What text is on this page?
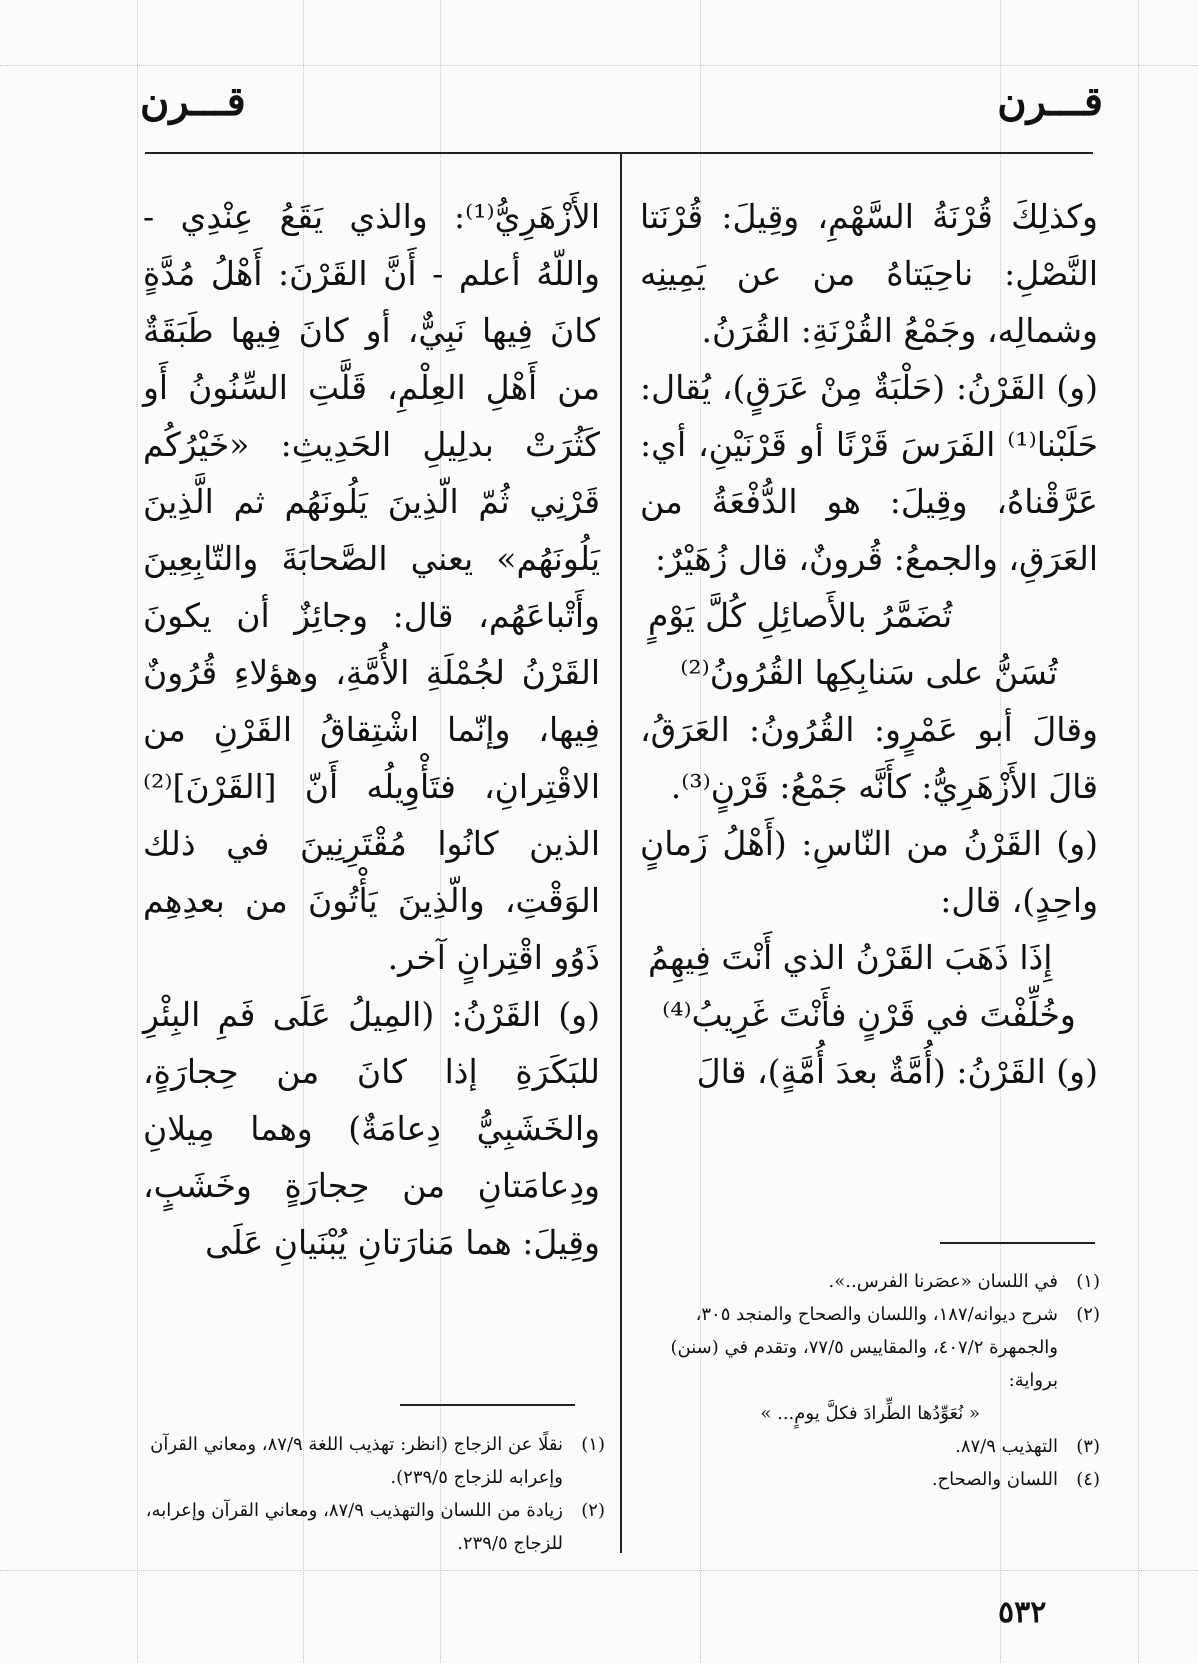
قـــرن
قـــرن

وكذلِكَ قُرْنَةُ السَّهْمِ، وقِيلَ: قُرْنَتا النَّصْلِ: ناحِيَتاهُ من عن يَمِينِه وشمالِه، وجَمْعُ القُرْنَةِ: القُرَنُ.

(و) القَرْنُ: (حَلْبَةٌ مِنْ عَرَقٍ)، يُقال: حَلَبْنا⁽¹⁾ الفَرَسَ قَرْنًا أو قَرْنَيْنِ، أي: عَرَّقْناهُ، وقِيلَ: هو الدُّفْعَةُ من العَرَقِ، والجمعُ: قُرونٌ، قال زُهَيْرٌ:

تُضَمَّرُ بالأَصائِلِ كُلَّ يَوْمٍ
تُسَنُّ على سَنابِكِها القُرُونُ⁽²⁾

وقالَ أبو عَمْرٍو: القُرُونُ: العَرَقُ، قالَ الأَزْهَرِيُّ: كأَنَّه جَمْعُ: قَرْنٍ⁽³⁾.

(و) القَرْنُ من النّاسِ: (أَهْلُ زَمانٍ واحِدٍ)، قال:

إِذَا ذَهَبَ القَرْنُ الذي أَنْتَ فِيهِمُ
وخُلِّفْتَ في قَرْنٍ فأَنْتَ غَرِيبُ⁽⁴⁾

(و) القَرْنُ: (أُمَّةٌ بعدَ أُمَّةٍ)، قالَ

الأَزْهَرِيُّ⁽¹⁾: والذي يَقَعُ عِنْدِي - واللّهُ أعلم - أَنَّ القَرْنَ: أَهْلُ مُدَّةٍ كانَ فِيها نَبِيٌّ، أو كانَ فِيها طَبَقَةٌ من أَهْلِ العِلْمِ، قَلَّتِ السِّنُونُ أَو كَثُرَتْ بدلِيلِ الحَدِيثِ: «خَيْرُكُم قَرْنِي ثُمّ الّذِينَ يَلُونَهُم ثم الَّذِينَ يَلُونَهُم» يعني الصَّحابَةَ والتّابِعِينَ وأَتْباعَهُم، قال: وجائِزٌ أن يكونَ القَرْنُ لجُمْلَةِ الأُمَّةِ، وهؤلاءِ قُرُونٌ فِيها، وإنّما اشْتِقاقُ القَرْنِ من الاقْتِرانِ، فتَأْوِيلُه أَنّ [القَرْنَ]⁽²⁾ الذين كانُوا مُقْتَرِنِينَ في ذلك الوَقْتِ، والّذِينَ يَأْتُونَ من بعدِهِم ذَوُو اقْتِرانٍ آخر.

(و) القَرْنُ: (المِيلُ عَلَى فَمِ البِئْرِ للبَكَرَةِ إذا كانَ من حِجارَةٍ، والخَشَبِيُّ دِعامَةٌ) وهما مِيلانِ ودِعامَتانِ من حِجارَةٍ وخَشَبٍ، وقِيلَ: هما مَنارَتانِ يُبْنَيانِ عَلَى

(١)
في اللسان «عصَرنا الفرس..».
(٢)
شرح ديوانه/١٨٧، واللسان والصحاح والمنجد ٣٠٥، والجمهرة ٤٠٧/٢، والمقاييس ٧٧/٥، وتقدم في (سنن) برواية:
« نُعَوِّدُها الطِّرادَ فكلَّ يومٍ... »
(٣)
التهذيب ٨٧/٩.
(٤)
اللسان والصحاح.
(١)
نقلًا عن الزجاج (انظر: تهذيب اللغة ٨٧/٩، ومعاني القرآن وإعرابه للزجاج ٢٣٩/٥).
(٢)
زيادة من اللسان والتهذيب ٨٧/٩، ومعاني القرآن وإعرابه، للزجاج ٢٣٩/٥.
٥٣٢
